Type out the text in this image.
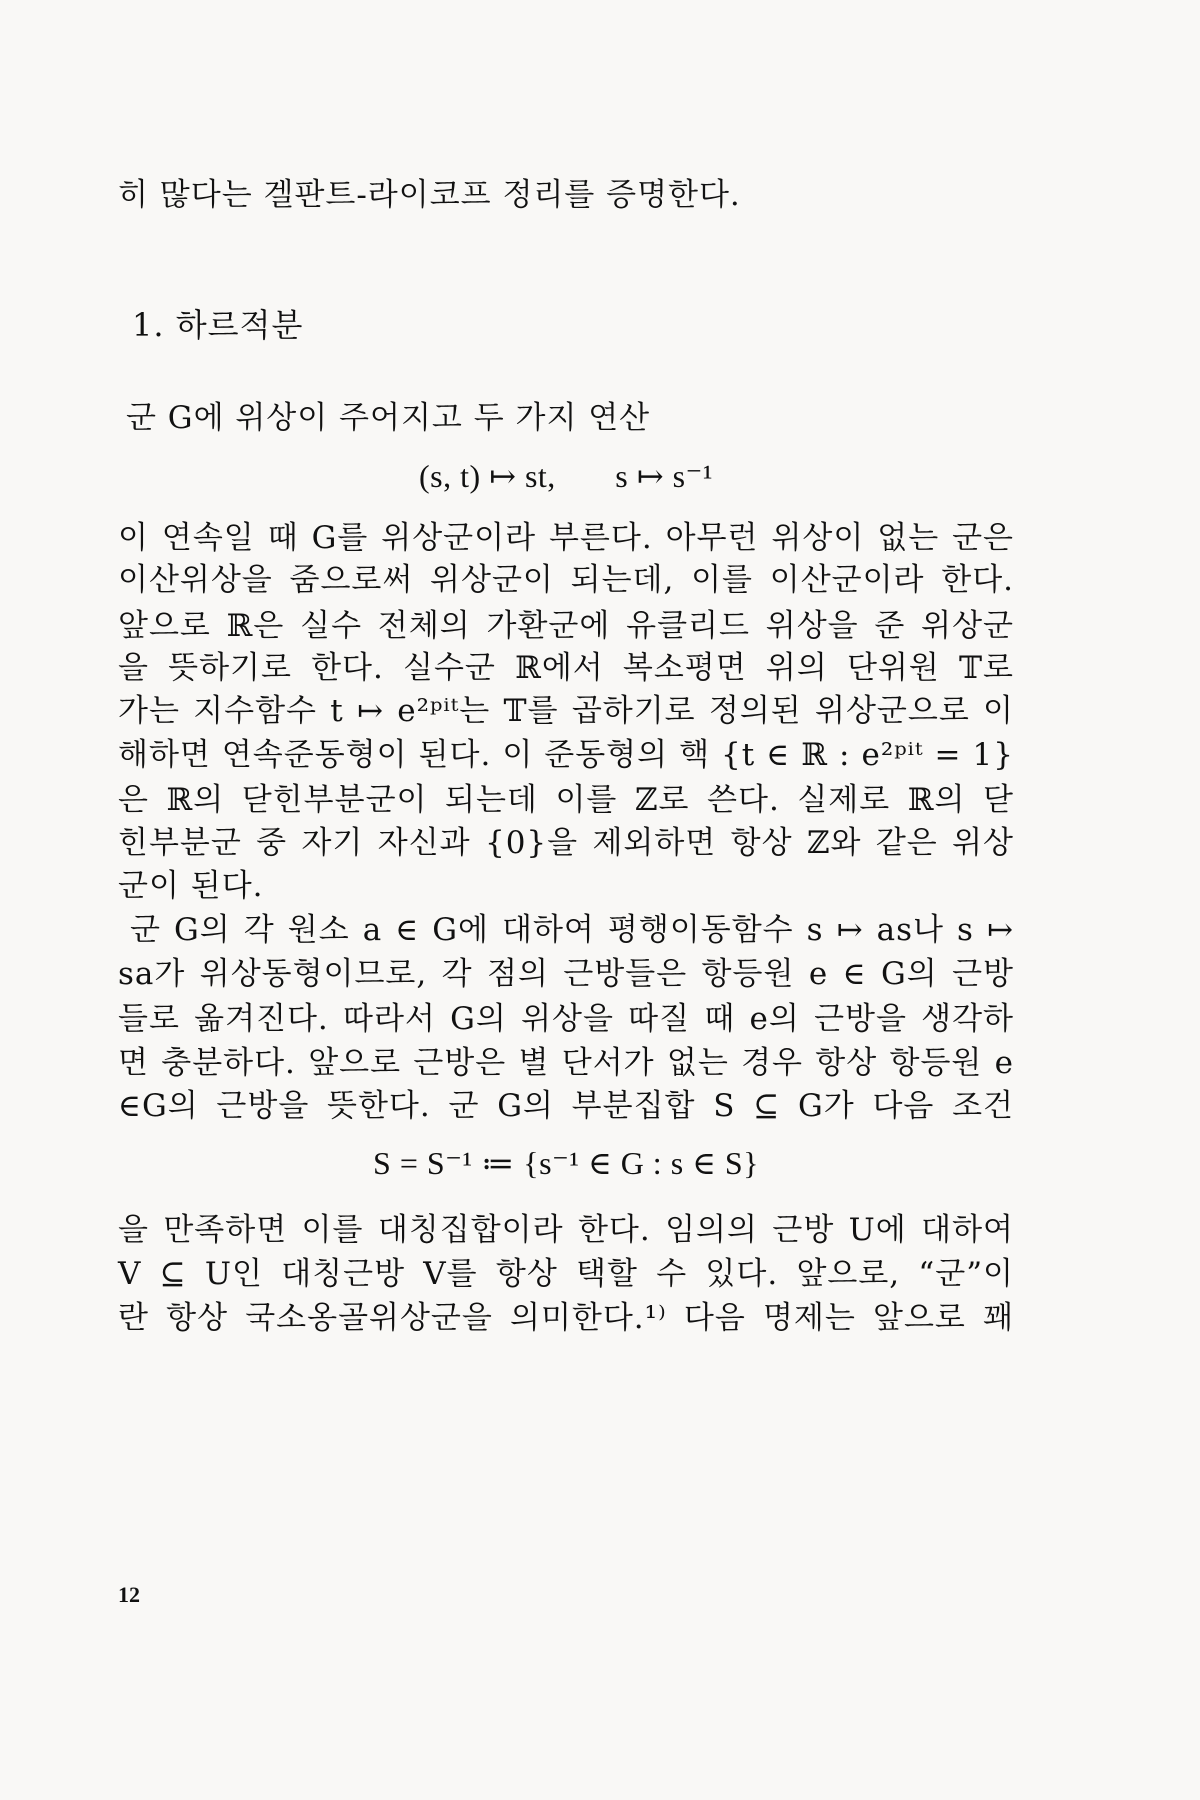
히 많다는 겔판트-라이코프 정리를 증명한다.
1. 하르적분
군 G에 위상이 주어지고 두 가지 연산
(s, t) ↦ st,       s ↦ s⁻¹
이 연속일 때 G를 위상군이라 부른다. 아무런 위상이 없는 군은
이산위상을 줌으로써 위상군이 되는데, 이를 이산군이라 한다.
앞으로 ℝ은 실수 전체의 가환군에 유클리드 위상을 준 위상군
을 뜻하기로 한다. 실수군 ℝ에서 복소평면 위의 단위원 𝕋로
가는 지수함수 t ↦ e²ᵖⁱᵗ는 𝕋를 곱하기로 정의된 위상군으로 이
해하면 연속준동형이 된다. 이 준동형의 핵 {t ∈ ℝ : e²ᵖⁱᵗ = 1}
은 ℝ의 닫힌부분군이 되는데 이를 ℤ로 쓴다. 실제로 ℝ의 닫
힌부분군 중 자기 자신과 {0}을 제외하면 항상 ℤ와 같은 위상
군이 된다.
군 G의 각 원소 a ∈ G에 대하여 평행이동함수 s ↦ as나 s ↦
sa가 위상동형이므로, 각 점의 근방들은 항등원 e ∈ G의 근방
들로 옮겨진다. 따라서 G의 위상을 따질 때 e의 근방을 생각하
면 충분하다. 앞으로 근방은 별 단서가 없는 경우 항상 항등원 e
∈G의 근방을 뜻한다. 군 G의 부분집합 S ⊆ G가 다음 조건
S = S⁻¹ ≔ {s⁻¹ ∈ G : s ∈ S}
을 만족하면 이를 대칭집합이라 한다. 임의의 근방 U에 대하여
V ⊆ U인 대칭근방 V를 항상 택할 수 있다. 앞으로, “군”이
란 항상 국소옹골위상군을 의미한다.¹⁾ 다음 명제는 앞으로 꽤
12
